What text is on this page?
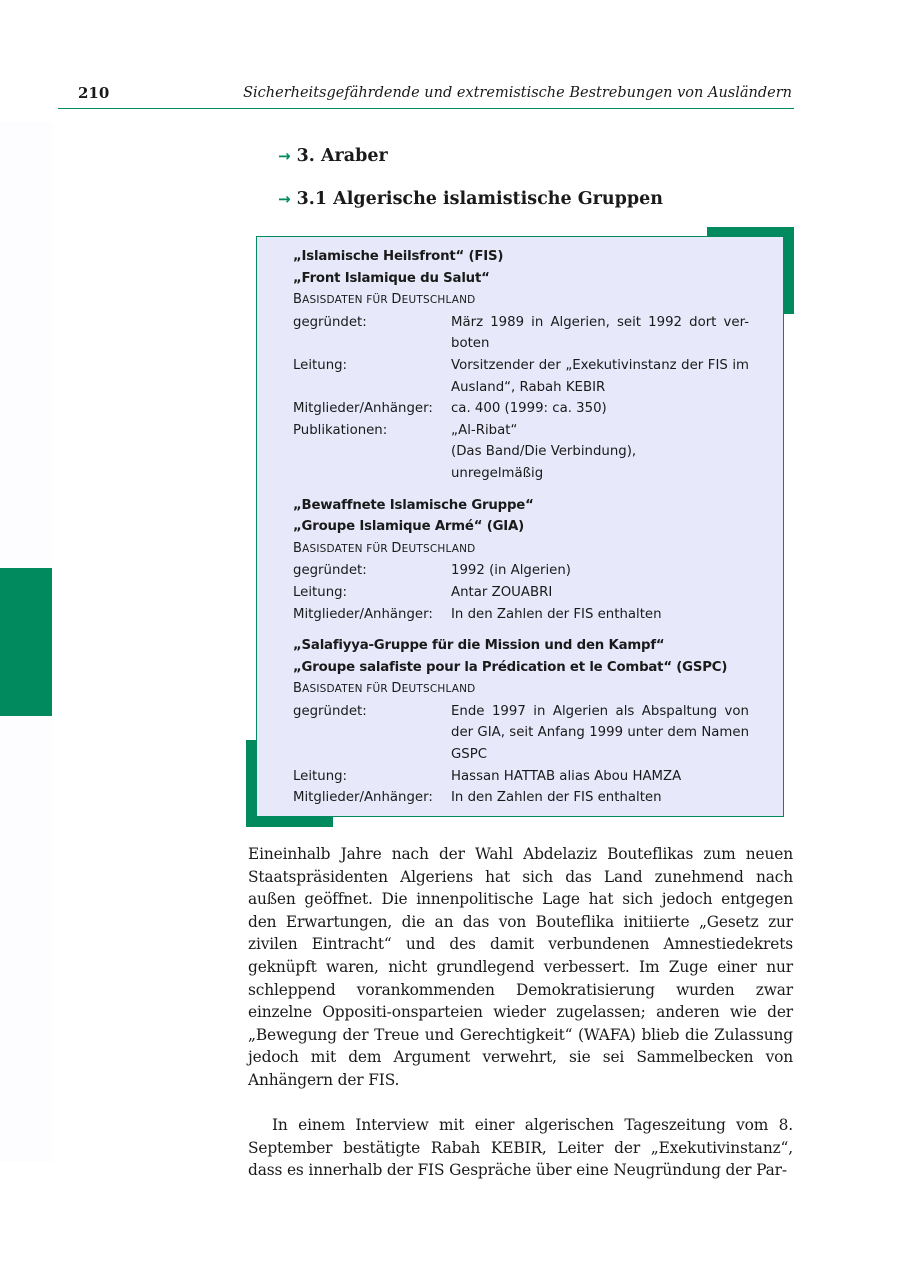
210	Sicherheitsgefährdende und extremistische Bestrebungen von Ausländern
→ 3. Araber
→ 3.1 Algerische islamistische Gruppen
„Islamische Heilsfront“ (FIS)
„Front Islamique du Salut“
BASISDATEN FÜR DEUTSCHLAND
gegründet:	März 1989 in Algerien, seit 1992 dort ver-boten
Leitung:	Vorsitzender der „Exekutivinstanz der FIS im Ausland“, Rabah KEBIR
Mitglieder/Anhänger:	ca. 400 (1999: ca. 350)
Publikationen:	„Al-Ribat“
(Das Band/Die Verbindung),
unregelmäßig
„Bewaffnete Islamische Gruppe“
„Groupe Islamique Armé“ (GIA)
BASISDATEN FÜR DEUTSCHLAND
gegründet:	1992 (in Algerien)
Leitung:	Antar ZOUABRI
Mitglieder/Anhänger:	In den Zahlen der FIS enthalten
„Salafiyya-Gruppe für die Mission und den Kampf“
„Groupe salafiste pour la Prédication et le Combat“ (GSPC)
BASISDATEN FÜR DEUTSCHLAND
gegründet:	Ende 1997 in Algerien als Abspaltung von der GIA, seit Anfang 1999 unter dem Namen GSPC
Leitung:	Hassan HATTAB alias Abou HAMZA
Mitglieder/Anhänger:	In den Zahlen der FIS enthalten
Eineinhalb Jahre nach der Wahl Abdelaziz Bouteflikas zum neuen Staatspräsidenten Algeriens hat sich das Land zunehmend nach außen geöffnet. Die innenpolitische Lage hat sich jedoch entgegen den Erwartungen, die an das von Bouteflika initiierte „Gesetz zur zivilen Eintracht“ und des damit verbundenen Amnestiedekrets geknüpft waren, nicht grundlegend verbessert. Im Zuge einer nur schleppend vorankommenden Demokratisierung wurden zwar einzelne Oppositi-onsparteien wieder zugelassen; anderen wie der „Bewegung der Treue und Gerechtigkeit“ (WAFA) blieb die Zulassung jedoch mit dem Argument verwehrt, sie sei Sammelbecken von Anhängern der FIS.
In einem Interview mit einer algerischen Tageszeitung vom 8. September bestätigte Rabah KEBIR, Leiter der „Exekutivinstanz“, dass es innerhalb der FIS Gespräche über eine Neugründung der Par-
